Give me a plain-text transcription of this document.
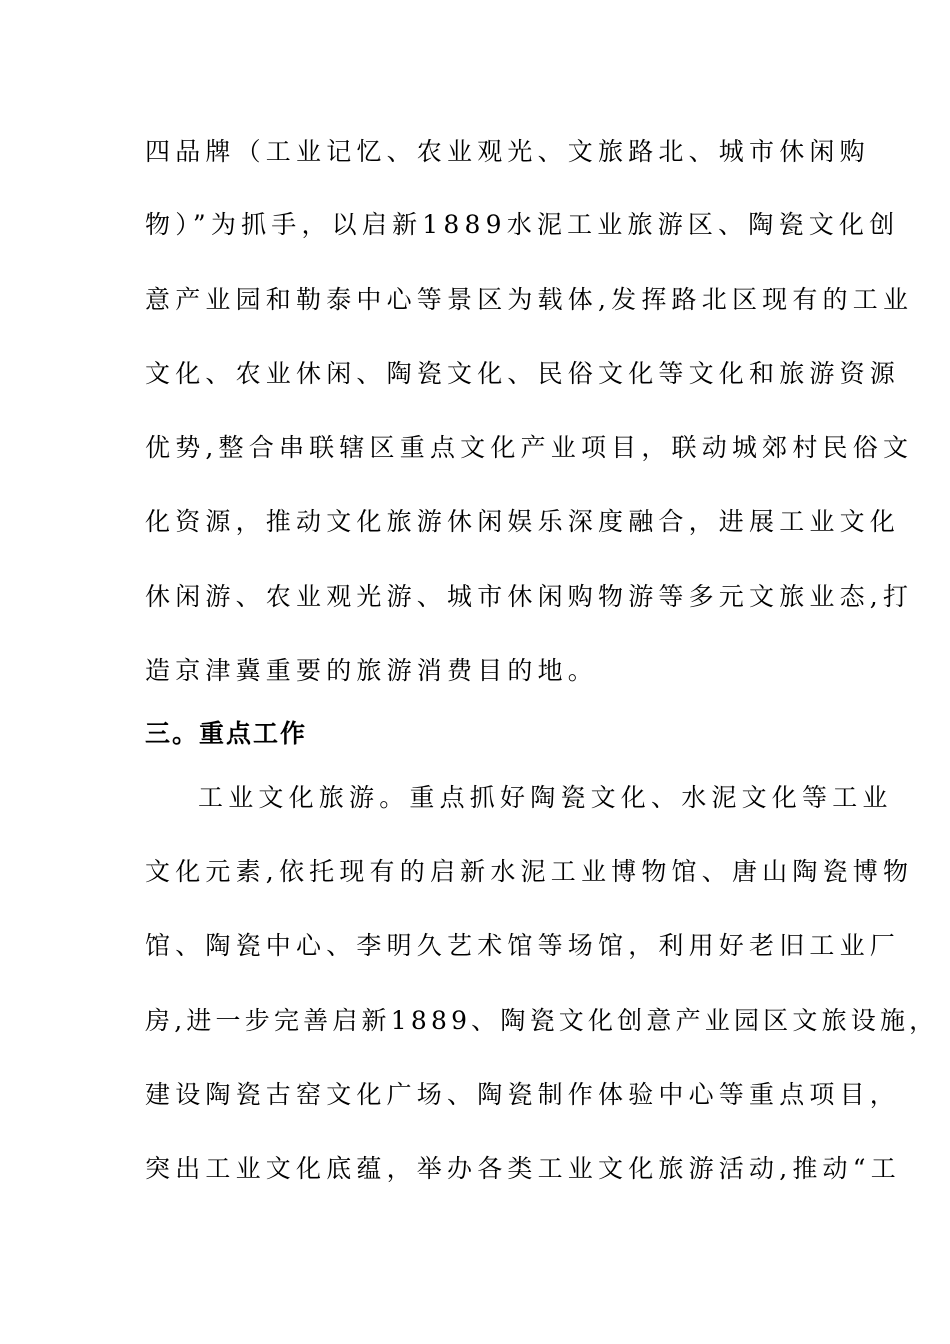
四品牌（工业记忆、农业观光、文旅路北、城市休闲购
物）”为抓手，以启新1889水泥工业旅游区、陶瓷文化创
意产业园和勒泰中心等景区为载体,发挥路北区现有的工业
文化、农业休闲、陶瓷文化、民俗文化等文化和旅游资源
优势,整合串联辖区重点文化产业项目，联动城郊村民俗文
化资源，推动文化旅游休闲娱乐深度融合，进展工业文化
休闲游、农业观光游、城市休闲购物游等多元文旅业态,打
造京津冀重要的旅游消费目的地。
三。重点工作
工业文化旅游。重点抓好陶瓷文化、水泥文化等工业
文化元素,依托现有的启新水泥工业博物馆、唐山陶瓷博物
馆、陶瓷中心、李明久艺术馆等场馆，利用好老旧工业厂
房,进一步完善启新1889、陶瓷文化创意产业园区文旅设施，
建设陶瓷古窑文化广场、陶瓷制作体验中心等重点项目，
突出工业文化底蕴，举办各类工业文化旅游活动,推动“工
